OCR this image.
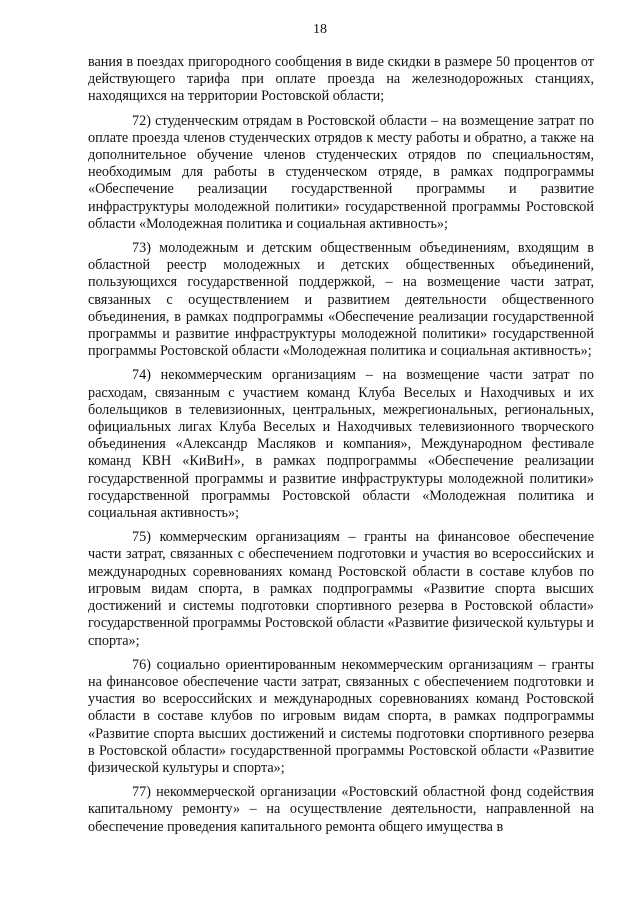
18

вания в поездах пригородного сообщения в виде скидки в размере 50 процентов от действующего тарифа при оплате проезда на железнодорожных станциях, находящихся на территории Ростовской области;

72) студенческим отрядам в Ростовской области – на возмещение затрат по оплате проезда членов студенческих отрядов к месту работы и обратно, а также на дополнительное обучение членов студенческих отрядов по специальностям, необходимым для работы в студенческом отряде, в рамках подпрограммы «Обеспечение реализации государственной программы и развитие инфраструктуры молодежной политики» государственной программы Ростовской области «Молодежная политика и социальная активность»;

73) молодежным и детским общественным объединениям, входящим в областной реестр молодежных и детских общественных объединений, пользующихся государственной поддержкой, – на возмещение части затрат, связанных с осуществлением и развитием деятельности общественного объединения, в рамках подпрограммы «Обеспечение реализации государственной программы и развитие инфраструктуры молодежной политики» государственной программы Ростовской области «Молодежная политика и социальная активность»;

74) некоммерческим организациям – на возмещение части затрат по расходам, связанным с участием команд Клуба Веселых и Находчивых и их болельщиков в телевизионных, центральных, межрегиональных, региональных, официальных лигах Клуба Веселых и Находчивых телевизионного творческого объединения «Александр Масляков и компания», Международном фестивале команд КВН «КиВиН», в рамках подпрограммы «Обеспечение реализации государственной программы и развитие инфраструктуры молодежной политики» государственной программы Ростовской области «Молодежная политика и социальная активность»;

75) коммерческим организациям – гранты на финансовое обеспечение части затрат, связанных с обеспечением подготовки и участия во всероссийских и международных соревнованиях команд Ростовской области в составе клубов по игровым видам спорта, в рамках подпрограммы «Развитие спорта высших достижений и системы подготовки спортивного резерва в Ростовской области» государственной программы Ростовской области «Развитие физической культуры и спорта»;

76) социально ориентированным некоммерческим организациям – гранты на финансовое обеспечение части затрат, связанных с обеспечением подготовки и участия во всероссийских и международных соревнованиях команд Ростовской области в составе клубов по игровым видам спорта, в рамках подпрограммы «Развитие спорта высших достижений и системы подготовки спортивного резерва в Ростовской области» государственной программы Ростовской области «Развитие физической культуры и спорта»;

77) некоммерческой организации «Ростовский областной фонд содействия капитальному ремонту» – на осуществление деятельности, направленной на обеспечение проведения капитального ремонта общего имущества в
